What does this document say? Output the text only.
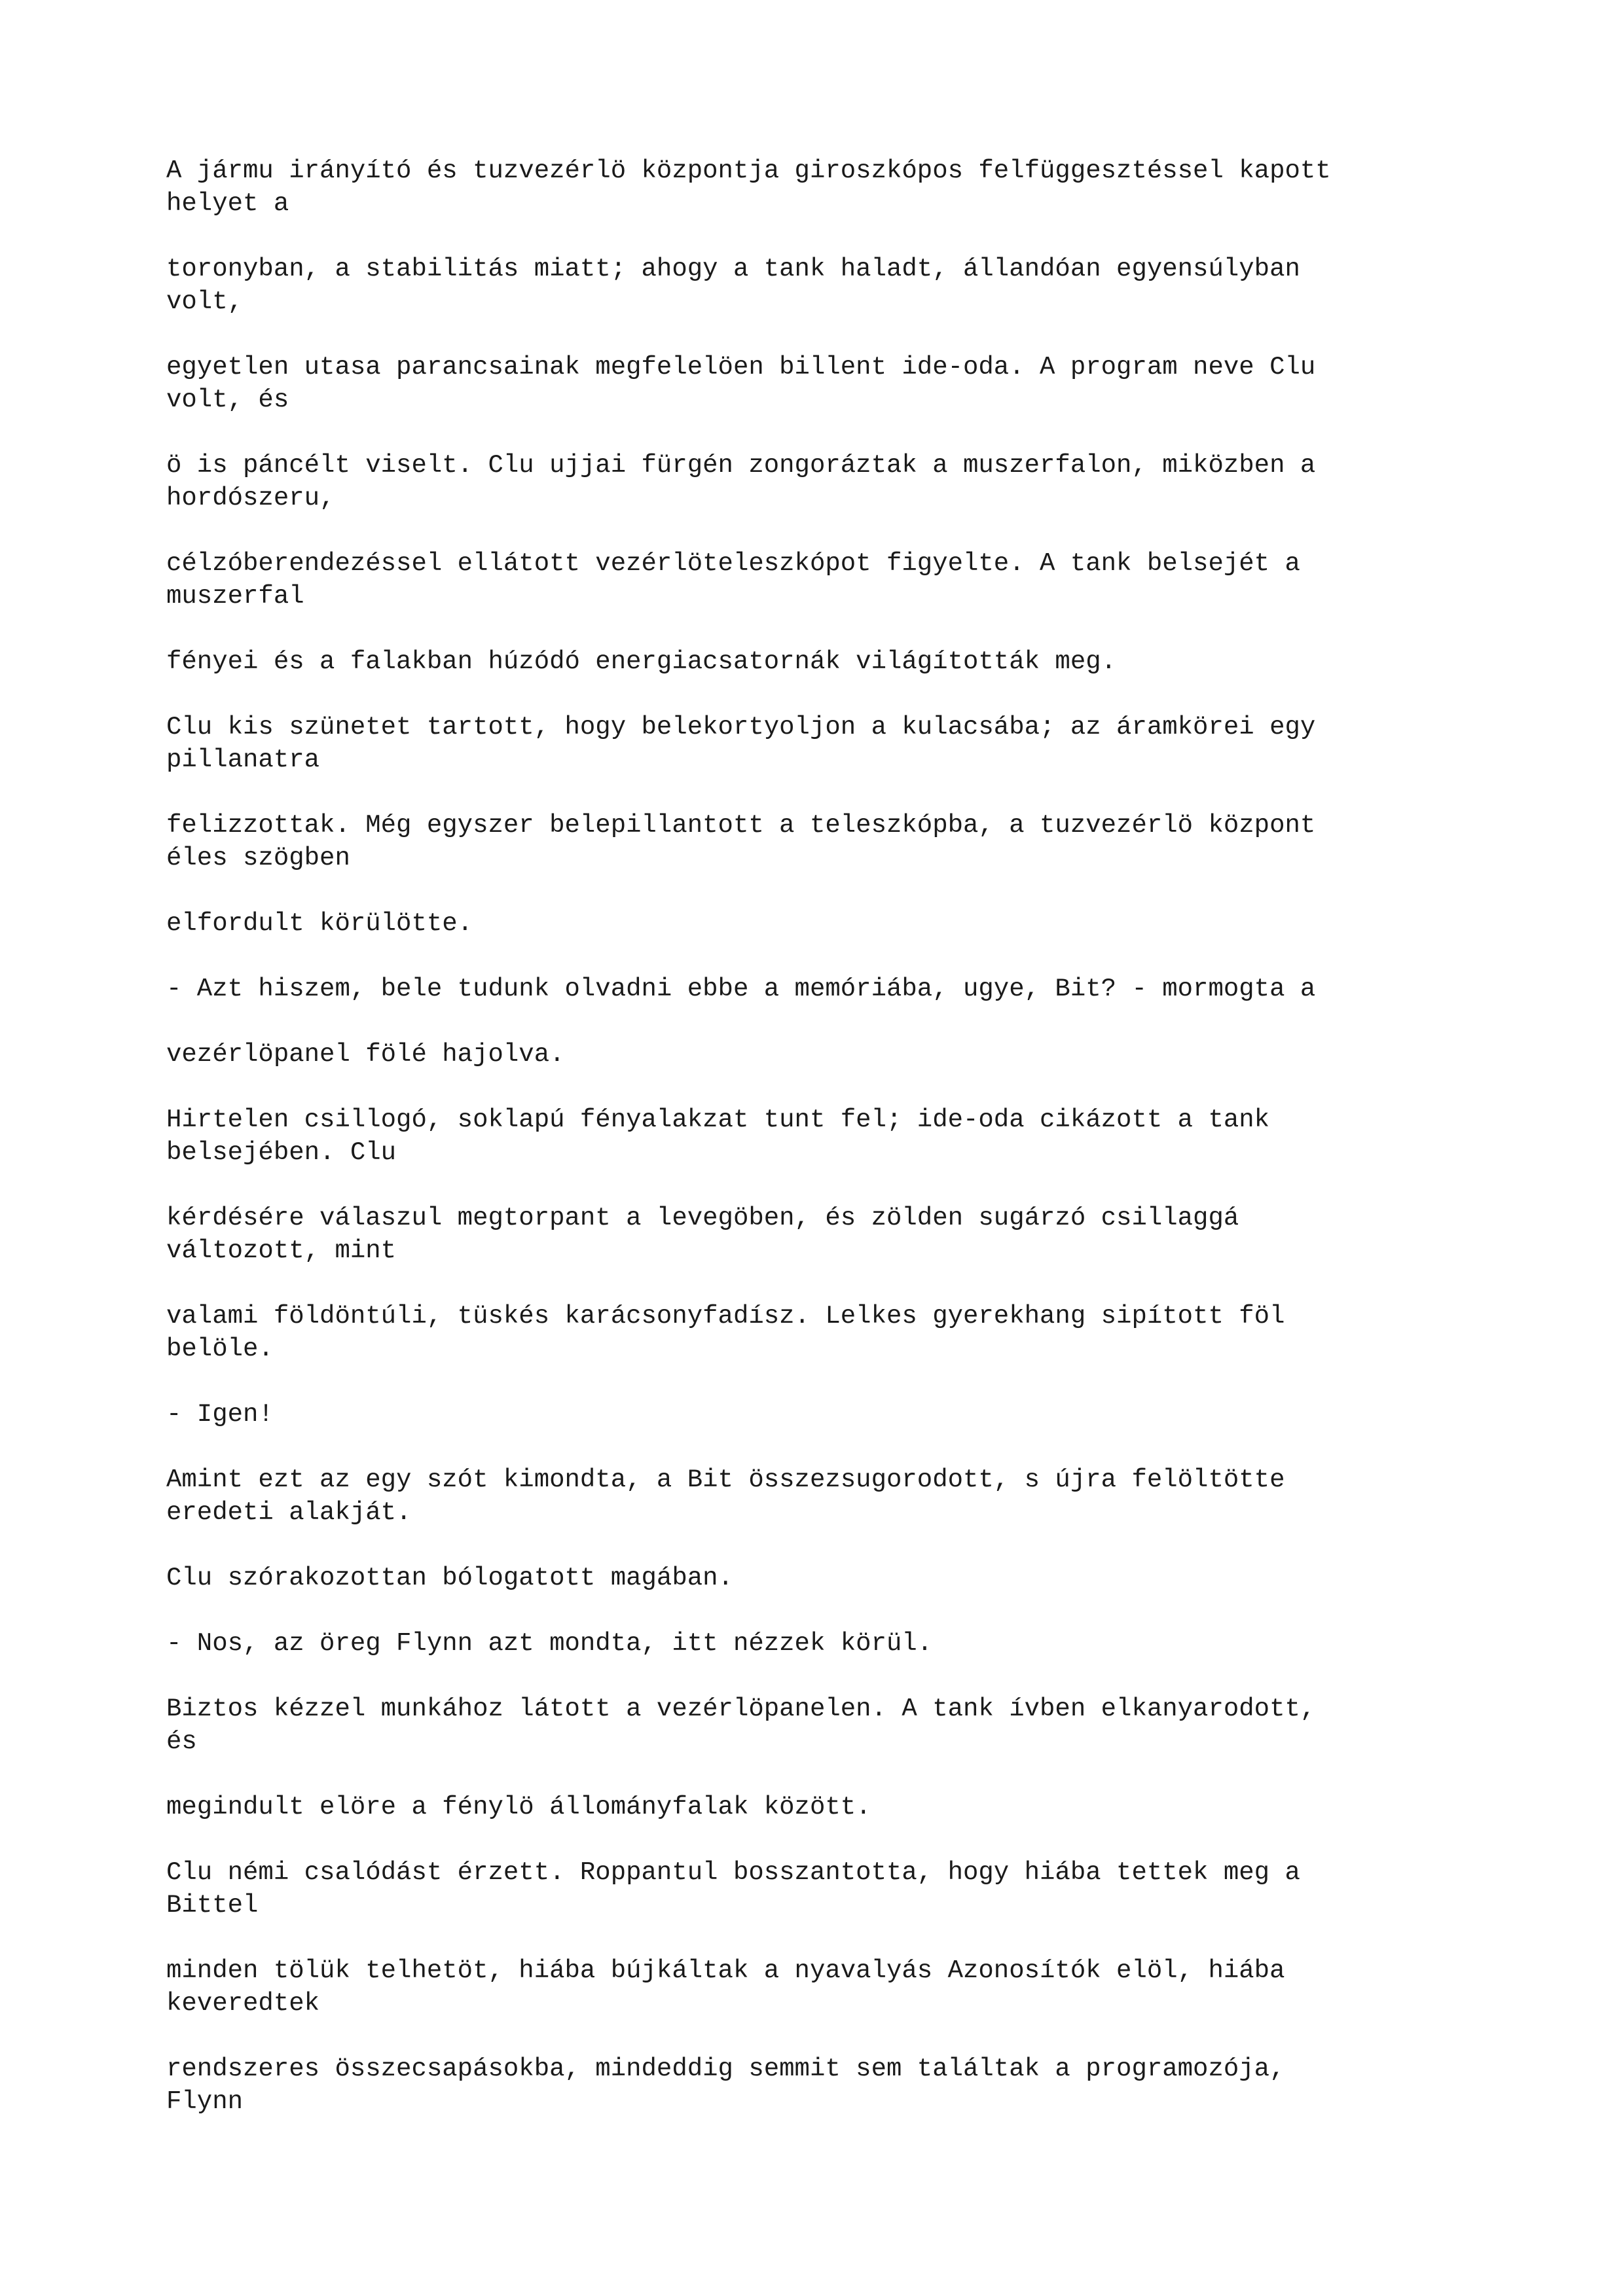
A jármu irányító és tuzvezérlö központja giroszkópos felfüggesztéssel kapott
helyet a

toronyban, a stabilitás miatt; ahogy a tank haladt, állandóan egyensúlyban
volt,

egyetlen utasa parancsainak megfelelöen billent ide-oda. A program neve Clu
volt, és

ö is páncélt viselt. Clu ujjai fürgén zongoráztak a muszerfalon, miközben a
hordószeru,

célzóberendezéssel ellátott vezérlöteleszkópot figyelte. A tank belsejét a
muszerfal

fényei és a falakban húzódó energiacsatornák világították meg.

Clu kis szünetet tartott, hogy belekortyoljon a kulacsába; az áramkörei egy
pillanatra

felizzottak. Még egyszer belepillantott a teleszkópba, a tuzvezérlö központ
éles szögben

elfordult körülötte.

- Azt hiszem, bele tudunk olvadni ebbe a memóriába, ugye, Bit? - mormogta a

vezérlöpanel fölé hajolva.

Hirtelen csillogó, soklapú fényalakzat tunt fel; ide-oda cikázott a tank
belsejében. Clu

kérdésére válaszul megtorpant a levegöben, és zölden sugárzó csillaggá
változott, mint

valami földöntúli, tüskés karácsonyfadísz. Lelkes gyerekhang sipított föl
belöle.

- Igen!

Amint ezt az egy szót kimondta, a Bit összezsugorodott, s újra felöltötte
eredeti alakját.

Clu szórakozottan bólogatott magában.

- Nos, az öreg Flynn azt mondta, itt nézzek körül.

Biztos kézzel munkához látott a vezérlöpanelen. A tank ívben elkanyarodott,
és

megindult elöre a fénylö állományfalak között.

Clu némi csalódást érzett. Roppantul bosszantotta, hogy hiába tettek meg a
Bittel

minden tölük telhetöt, hiába bújkáltak a nyavalyás Azonosítók elöl, hiába
keveredtek

rendszeres összecsapásokba, mindeddig semmit sem találtak a programozója,
Flynn
